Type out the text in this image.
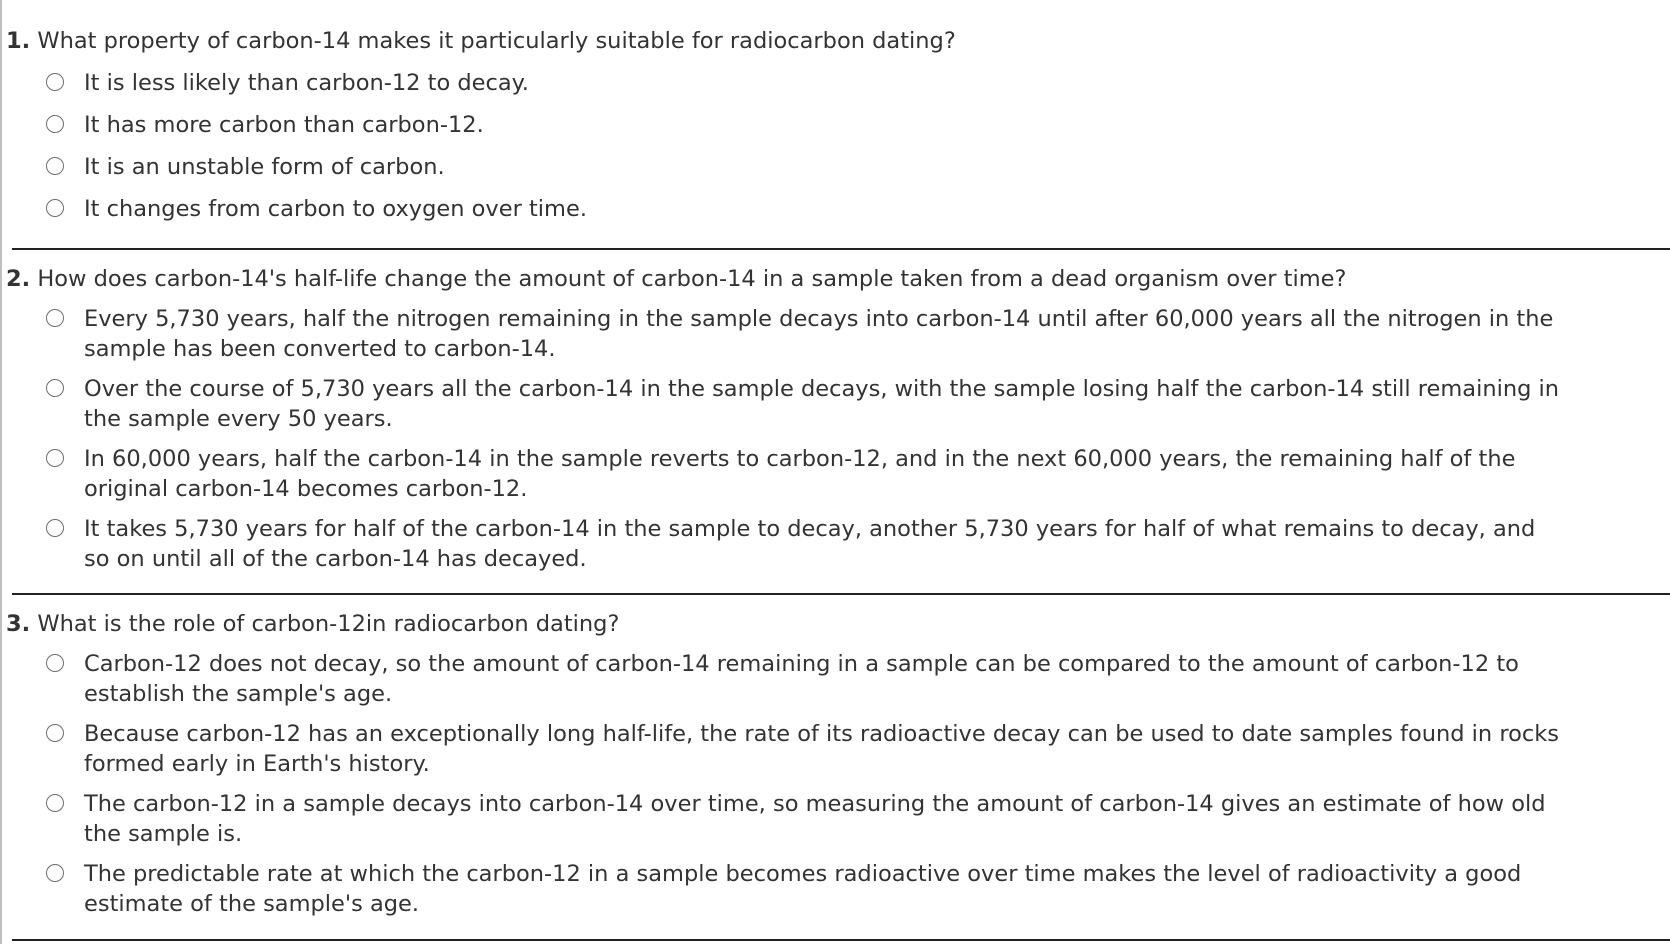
1. What property of carbon-14 makes it particularly suitable for radiocarbon dating?
It is less likely than carbon-12 to decay.
It has more carbon than carbon-12.
It is an unstable form of carbon.
It changes from carbon to oxygen over time.
2. How does carbon-14's half-life change the amount of carbon-14 in a sample taken from a dead organism over time?
Every 5,730 years, half the nitrogen remaining in the sample decays into carbon-14 until after 60,000 years all the nitrogen in the
sample has been converted to carbon-14.
Over the course of 5,730 years all the carbon-14 in the sample decays, with the sample losing half the carbon-14 still remaining in
the sample every 50 years.
In 60,000 years, half the carbon-14 in the sample reverts to carbon-12, and in the next 60,000 years, the remaining half of the
original carbon-14 becomes carbon-12.
It takes 5,730 years for half of the carbon-14 in the sample to decay, another 5,730 years for half of what remains to decay, and
so on until all of the carbon-14 has decayed.
3. What is the role of carbon-12in radiocarbon dating?
Carbon-12 does not decay, so the amount of carbon-14 remaining in a sample can be compared to the amount of carbon-12 to
establish the sample's age.
Because carbon-12 has an exceptionally long half-life, the rate of its radioactive decay can be used to date samples found in rocks
formed early in Earth's history.
The carbon-12 in a sample decays into carbon-14 over time, so measuring the amount of carbon-14 gives an estimate of how old
the sample is.
The predictable rate at which the carbon-12 in a sample becomes radioactive over time makes the level of radioactivity a good
estimate of the sample's age.
